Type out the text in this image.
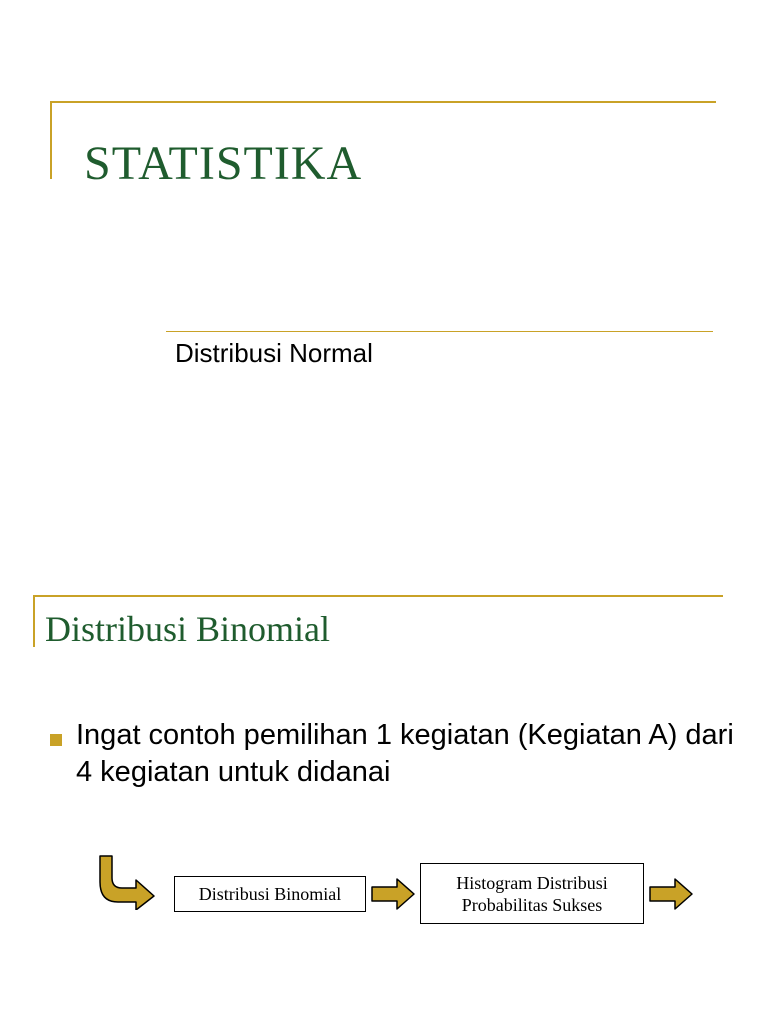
STATISTIKA
Distribusi Normal
Distribusi Binomial
Ingat contoh pemilihan 1 kegiatan (Kegiatan A) dari 4 kegiatan untuk didanai
Distribusi Binomial
Histogram Distribusi
Probabilitas Sukses
